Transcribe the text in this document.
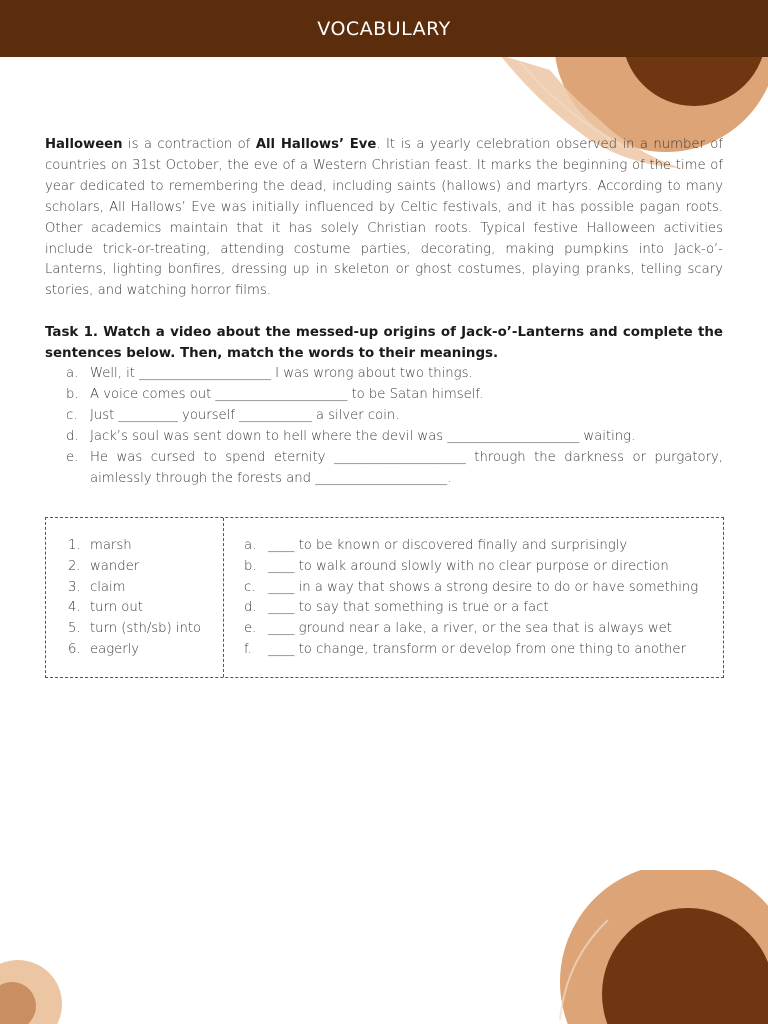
VOCABULARY

Halloween is a contraction of All Hallows’ Eve. It is a yearly celebration observed in a number of countries on 31st October, the eve of a Western Christian feast. It marks the beginning of the time of year dedicated to remembering the dead, including saints (hallows) and martyrs. According to many scholars, All Hallows’ Eve was initially influenced by Celtic festivals, and it has possible pagan roots. Other academics maintain that it has solely Christian roots. Typical festive Halloween activities include trick-or-treating, attending costume parties, decorating, making pumpkins into Jack-o’-Lanterns, lighting bonfires, dressing up in skeleton or ghost costumes, playing pranks, telling scary stories, and watching horror films.

Task 1. Watch a video about the messed-up origins of Jack-o’-Lanterns and complete the sentences below. Then, match the words to their meanings.

a. Well, it ____________________ I was wrong about two things.
b. A voice comes out ____________________ to be Satan himself.
c. Just _________ yourself ___________ a silver coin.
d. Jack’s soul was sent down to hell where the devil was ____________________ waiting.
e. He was cursed to spend eternity ____________________ through the darkness or purgatory, aimlessly through the forests and ____________________.
1. marsh
2. wander
3. claim
4. turn out
5. turn (sth/sb) into
6. eagerly
a. ____ to be known or discovered finally and surprisingly
b. ____ to walk around slowly with no clear purpose or direction
c. ____ in a way that shows a strong desire to do or have something
d. ____ to say that something is true or a fact
e. ____ ground near a lake, a river, or the sea that is always wet
f. ____ to change, transform or develop from one thing to another
